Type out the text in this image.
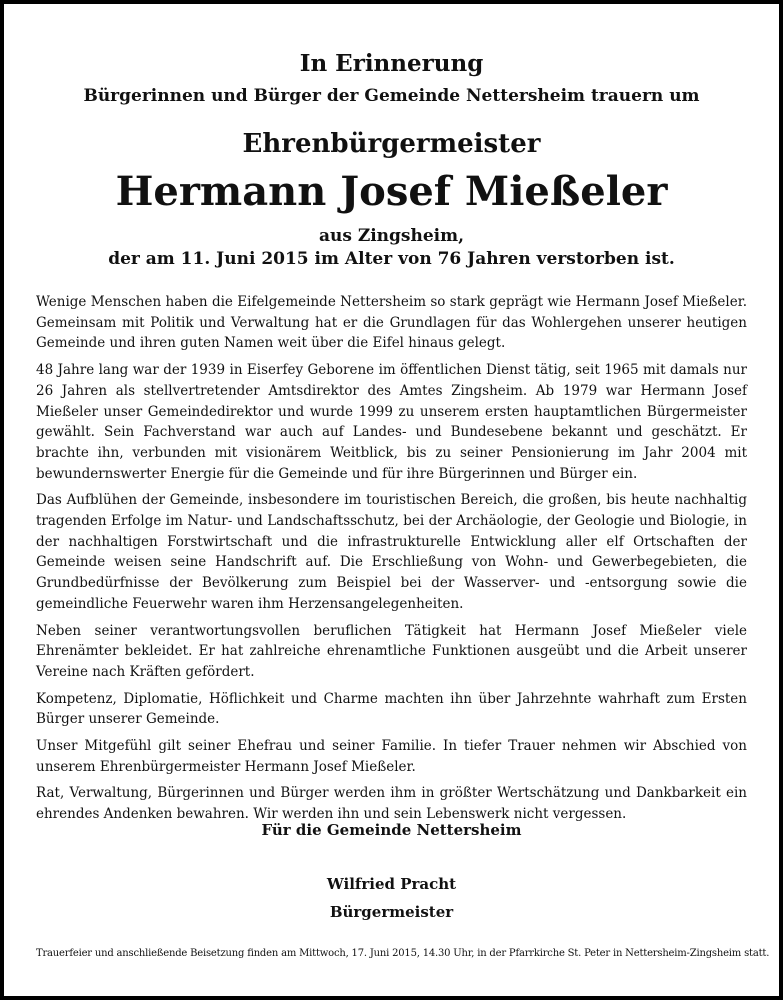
In Erinnerung
Bürgerinnen und Bürger der Gemeinde Nettersheim trauern um
Ehrenbürgermeister
Hermann Josef Mießeler
aus Zingsheim,
der am 11. Juni 2015 im Alter von 76 Jahren verstorben ist.

Wenige Menschen haben die Eifelgemeinde Nettersheim so stark geprägt wie Hermann Josef Mießeler. Gemeinsam mit Politik und Verwaltung hat er die Grundlagen für das Wohlergehen unserer heutigen Gemeinde und ihren guten Namen weit über die Eifel hinaus gelegt.

48 Jahre lang war der 1939 in Eiserfey Geborene im öffentlichen Dienst tätig, seit 1965 mit damals nur 26 Jahren als stellvertretender Amtsdirektor des Amtes Zingsheim. Ab 1979 war Hermann Josef Mießeler unser Gemeindedirektor und wurde 1999 zu unserem ersten hauptamtlichen Bürgermeister gewählt. Sein Fachverstand war auch auf Landes- und Bundesebene bekannt und geschätzt. Er brachte ihn, verbunden mit visionärem Weitblick, bis zu seiner Pensionierung im Jahr 2004 mit bewundernswerter Energie für die Gemeinde und für ihre Bürgerinnen und Bürger ein.

Das Aufblühen der Gemeinde, insbesondere im touristischen Bereich, die großen, bis heute nachhaltig tragenden Erfolge im Natur- und Landschaftsschutz, bei der Archäologie, der Geologie und Biologie, in der nachhaltigen Forstwirtschaft und die infrastrukturelle Entwicklung aller elf Ortschaften der Gemeinde weisen seine Handschrift auf. Die Erschließung von Wohn- und Gewerbegebieten, die Grundbedürfnisse der Bevölkerung zum Beispiel bei der Wasserver- und -entsorgung sowie die gemeindliche Feuerwehr waren ihm Herzensangelegenheiten.

Neben seiner verantwortungsvollen beruflichen Tätigkeit hat Hermann Josef Mießeler viele Ehrenämter bekleidet. Er hat zahlreiche ehrenamtliche Funktionen ausgeübt und die Arbeit unserer Vereine nach Kräften gefördert.

Kompetenz, Diplomatie, Höflichkeit und Charme machten ihn über Jahrzehnte wahrhaft zum Ersten Bürger unserer Gemeinde.

Unser Mitgefühl gilt seiner Ehefrau und seiner Familie. In tiefer Trauer nehmen wir Abschied von unserem Ehrenbürgermeister Hermann Josef Mießeler.

Rat, Verwaltung, Bürgerinnen und Bürger werden ihm in größter Wertschätzung und Dankbarkeit ein ehrendes Andenken bewahren. Wir werden ihn und sein Lebenswerk nicht vergessen.

Für die Gemeinde Nettersheim
Wilfried Pracht
Bürgermeister
Trauerfeier und anschließende Beisetzung finden am Mittwoch, 17. Juni 2015, 14.30 Uhr, in der Pfarrkirche St. Peter in Nettersheim-Zingsheim statt.
